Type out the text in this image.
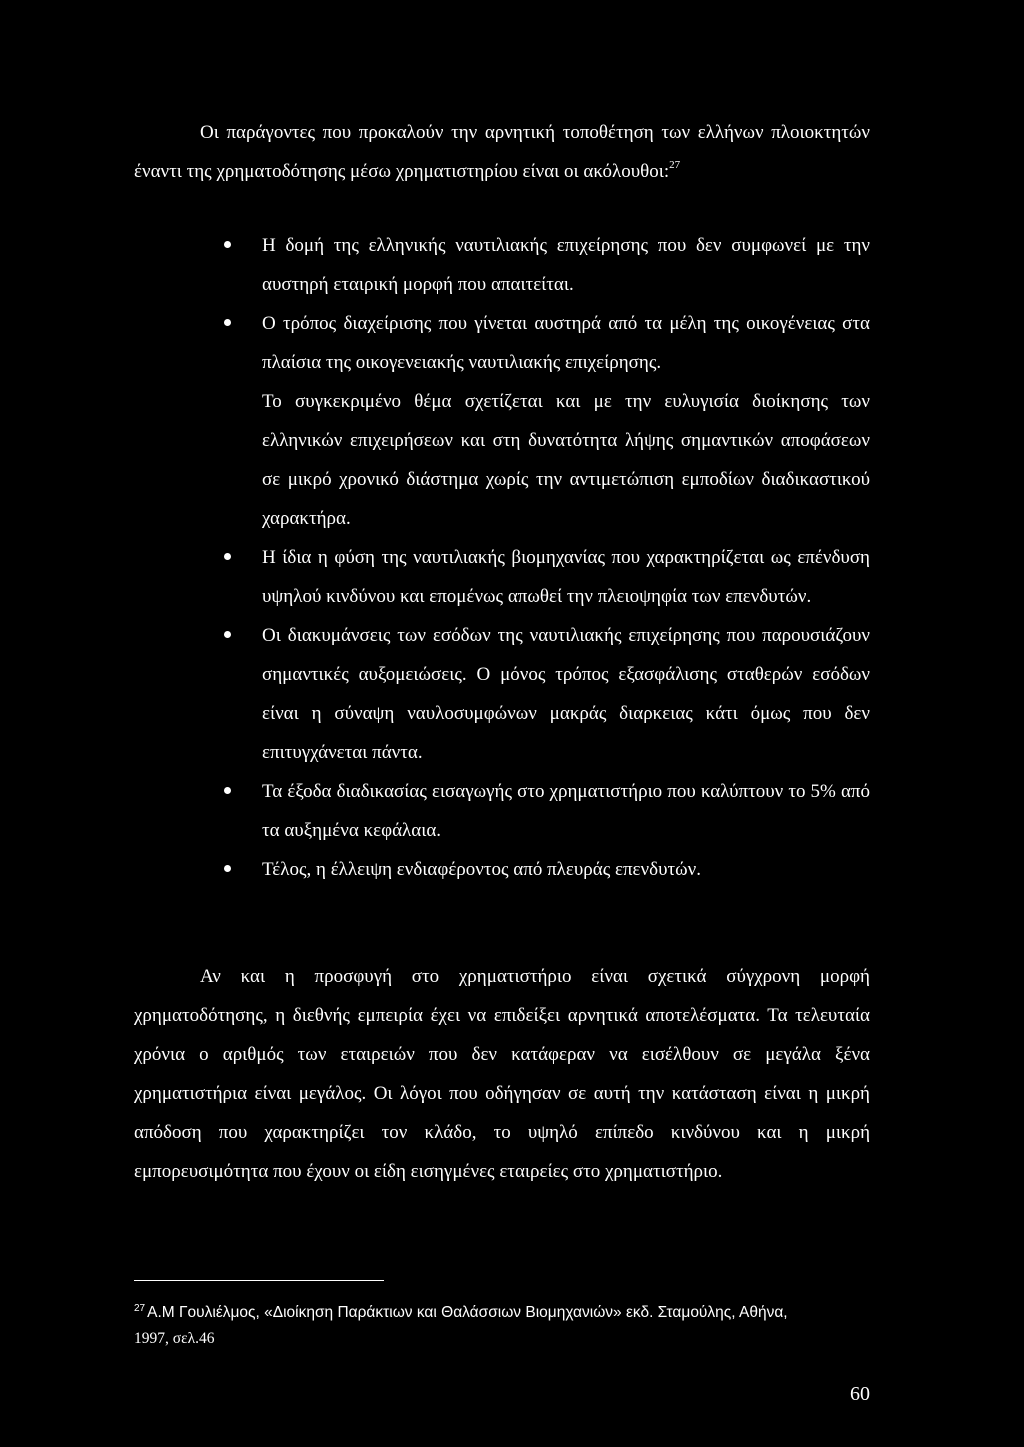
Οι παράγοντες που προκαλούν την αρνητική τοποθέτηση των ελλήνων πλοιοκτητών έναντι της χρηματοδότησης μέσω χρηματιστηρίου είναι οι ακόλουθοι:$^{27}$

Η δομή της ελληνικής ναυτιλιακής επιχείρησης που δεν συμφωνεί με την αυστηρή εταιρική μορφή που απαιτείται.
Ο τρόπος διαχείρισης που γίνεται αυστηρά από τα μέλη της οικογένειας στα πλαίσια της οικογενειακής ναυτιλιακής επιχείρησης.
Το συγκεκριμένο θέμα σχετίζεται και με την ευλυγισία διοίκησης των ελληνικών επιχειρήσεων και στη δυνατότητα λήψης σημαντικών αποφάσεων σε μικρό χρονικό διάστημα χωρίς την αντιμετώπιση εμποδίων διαδικαστικού χαρακτήρα.
Η ίδια η φύση της ναυτιλιακής βιομηχανίας που χαρακτηρίζεται ως επένδυση υψηλού κινδύνου και επομένως απωθεί την πλειοψηφία των επενδυτών.
Οι διακυμάνσεις των εσόδων της ναυτιλιακής επιχείρησης που παρουσιάζουν σημαντικές αυξομειώσεις. Ο μόνος τρόπος εξασφάλισης σταθερών εσόδων είναι η σύναψη ναυλοσυμφώνων μακράς διαρκειας κάτι όμως που δεν επιτυγχάνεται πάντα.
Τα έξοδα διαδικασίας εισαγωγής στο χρηματιστήριο που καλύπτουν το 5% από τα αυξημένα κεφάλαια.
Τέλος, η έλλειψη ενδιαφέροντος από πλευράς επενδυτών.

Αν και η προσφυγή στο χρηματιστήριο είναι σχετικά σύγχρονη μορφή χρηματοδότησης, η διεθνής εμπειρία έχει να επιδείξει αρνητικά αποτελέσματα. Τα τελευταία χρόνια ο αριθμός των εταιρειών που δεν κατάφεραν να εισέλθουν σε μεγάλα ξένα χρηματιστήρια είναι μεγάλος. Οι λόγοι που οδήγησαν σε αυτή την κατάσταση είναι η μικρή απόδοση που χαρακτηρίζει τον κλάδο, το υψηλό επίπεδο κινδύνου και η μικρή εμπορευσιμότητα που έχουν οι είδη εισηγμένες εταιρείες στο χρηματιστήριο.

$^{27}$ Α.Μ Γουλιέλμος, «Διοίκηση Παράκτιων και Θαλάσσιων Βιομηχανιών» εκδ. Σταμούλης, Αθήνα,
1997, σελ.46

60
